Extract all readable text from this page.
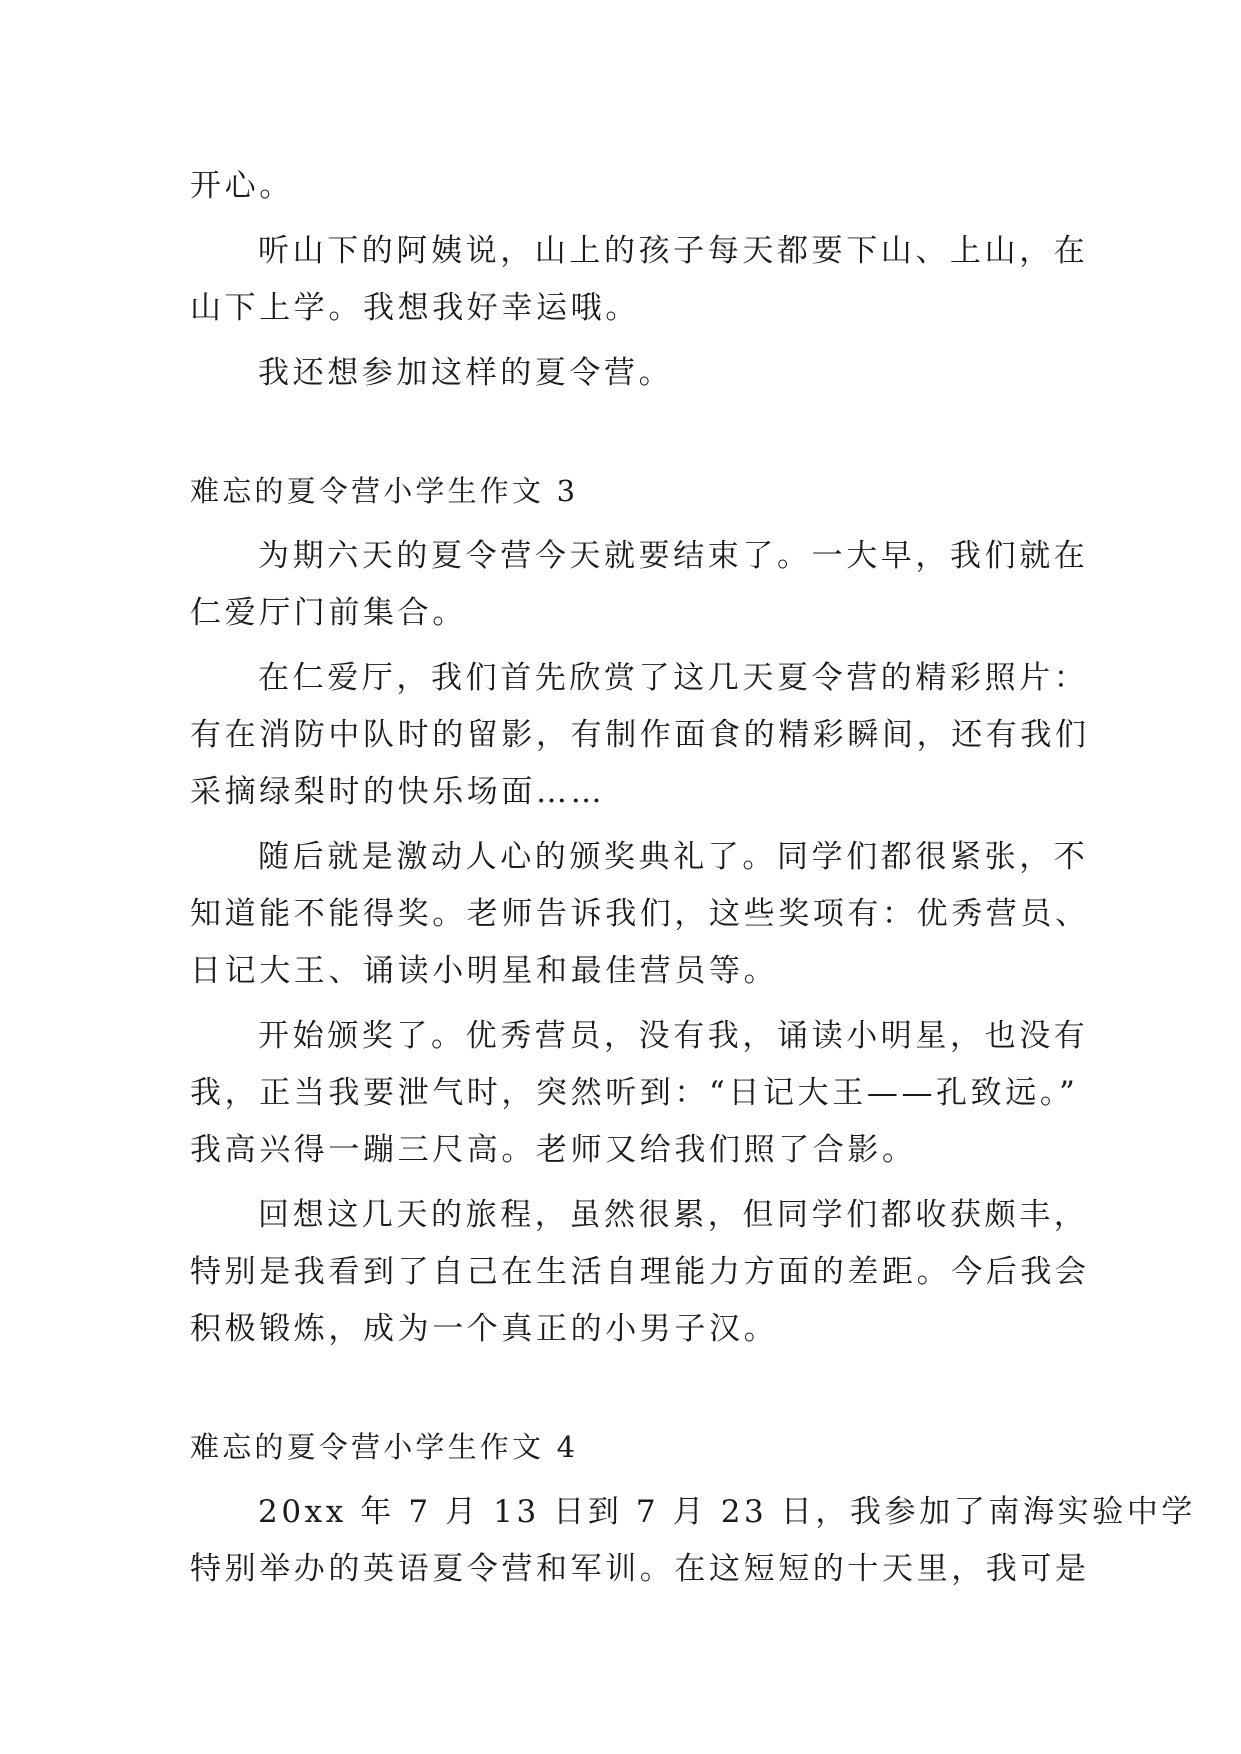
开心。
听山下的阿姨说，山上的孩子每天都要下山、上山，在
山下上学。我想我好幸运哦。
我还想参加这样的夏令营。
难忘的夏令营小学生作文 3
为期六天的夏令营今天就要结束了。一大早，我们就在
仁爱厅门前集合。
在仁爱厅，我们首先欣赏了这几天夏令营的精彩照片：
有在消防中队时的留影，有制作面食的精彩瞬间，还有我们
采摘绿梨时的快乐场面……
随后就是激动人心的颁奖典礼了。同学们都很紧张，不
知道能不能得奖。老师告诉我们，这些奖项有：优秀营员、
日记大王、诵读小明星和最佳营员等。
开始颁奖了。优秀营员，没有我，诵读小明星，也没有
我，正当我要泄气时，突然听到：“日记大王——孔致远。”
我高兴得一蹦三尺高。老师又给我们照了合影。
回想这几天的旅程，虽然很累，但同学们都收获颇丰，
特别是我看到了自己在生活自理能力方面的差距。今后我会
积极锻炼，成为一个真正的小男子汉。
难忘的夏令营小学生作文 4
20xx 年 7 月 13 日到 7 月 23 日，我参加了南海实验中学
特别举办的英语夏令营和军训。在这短短的十天里，我可是
